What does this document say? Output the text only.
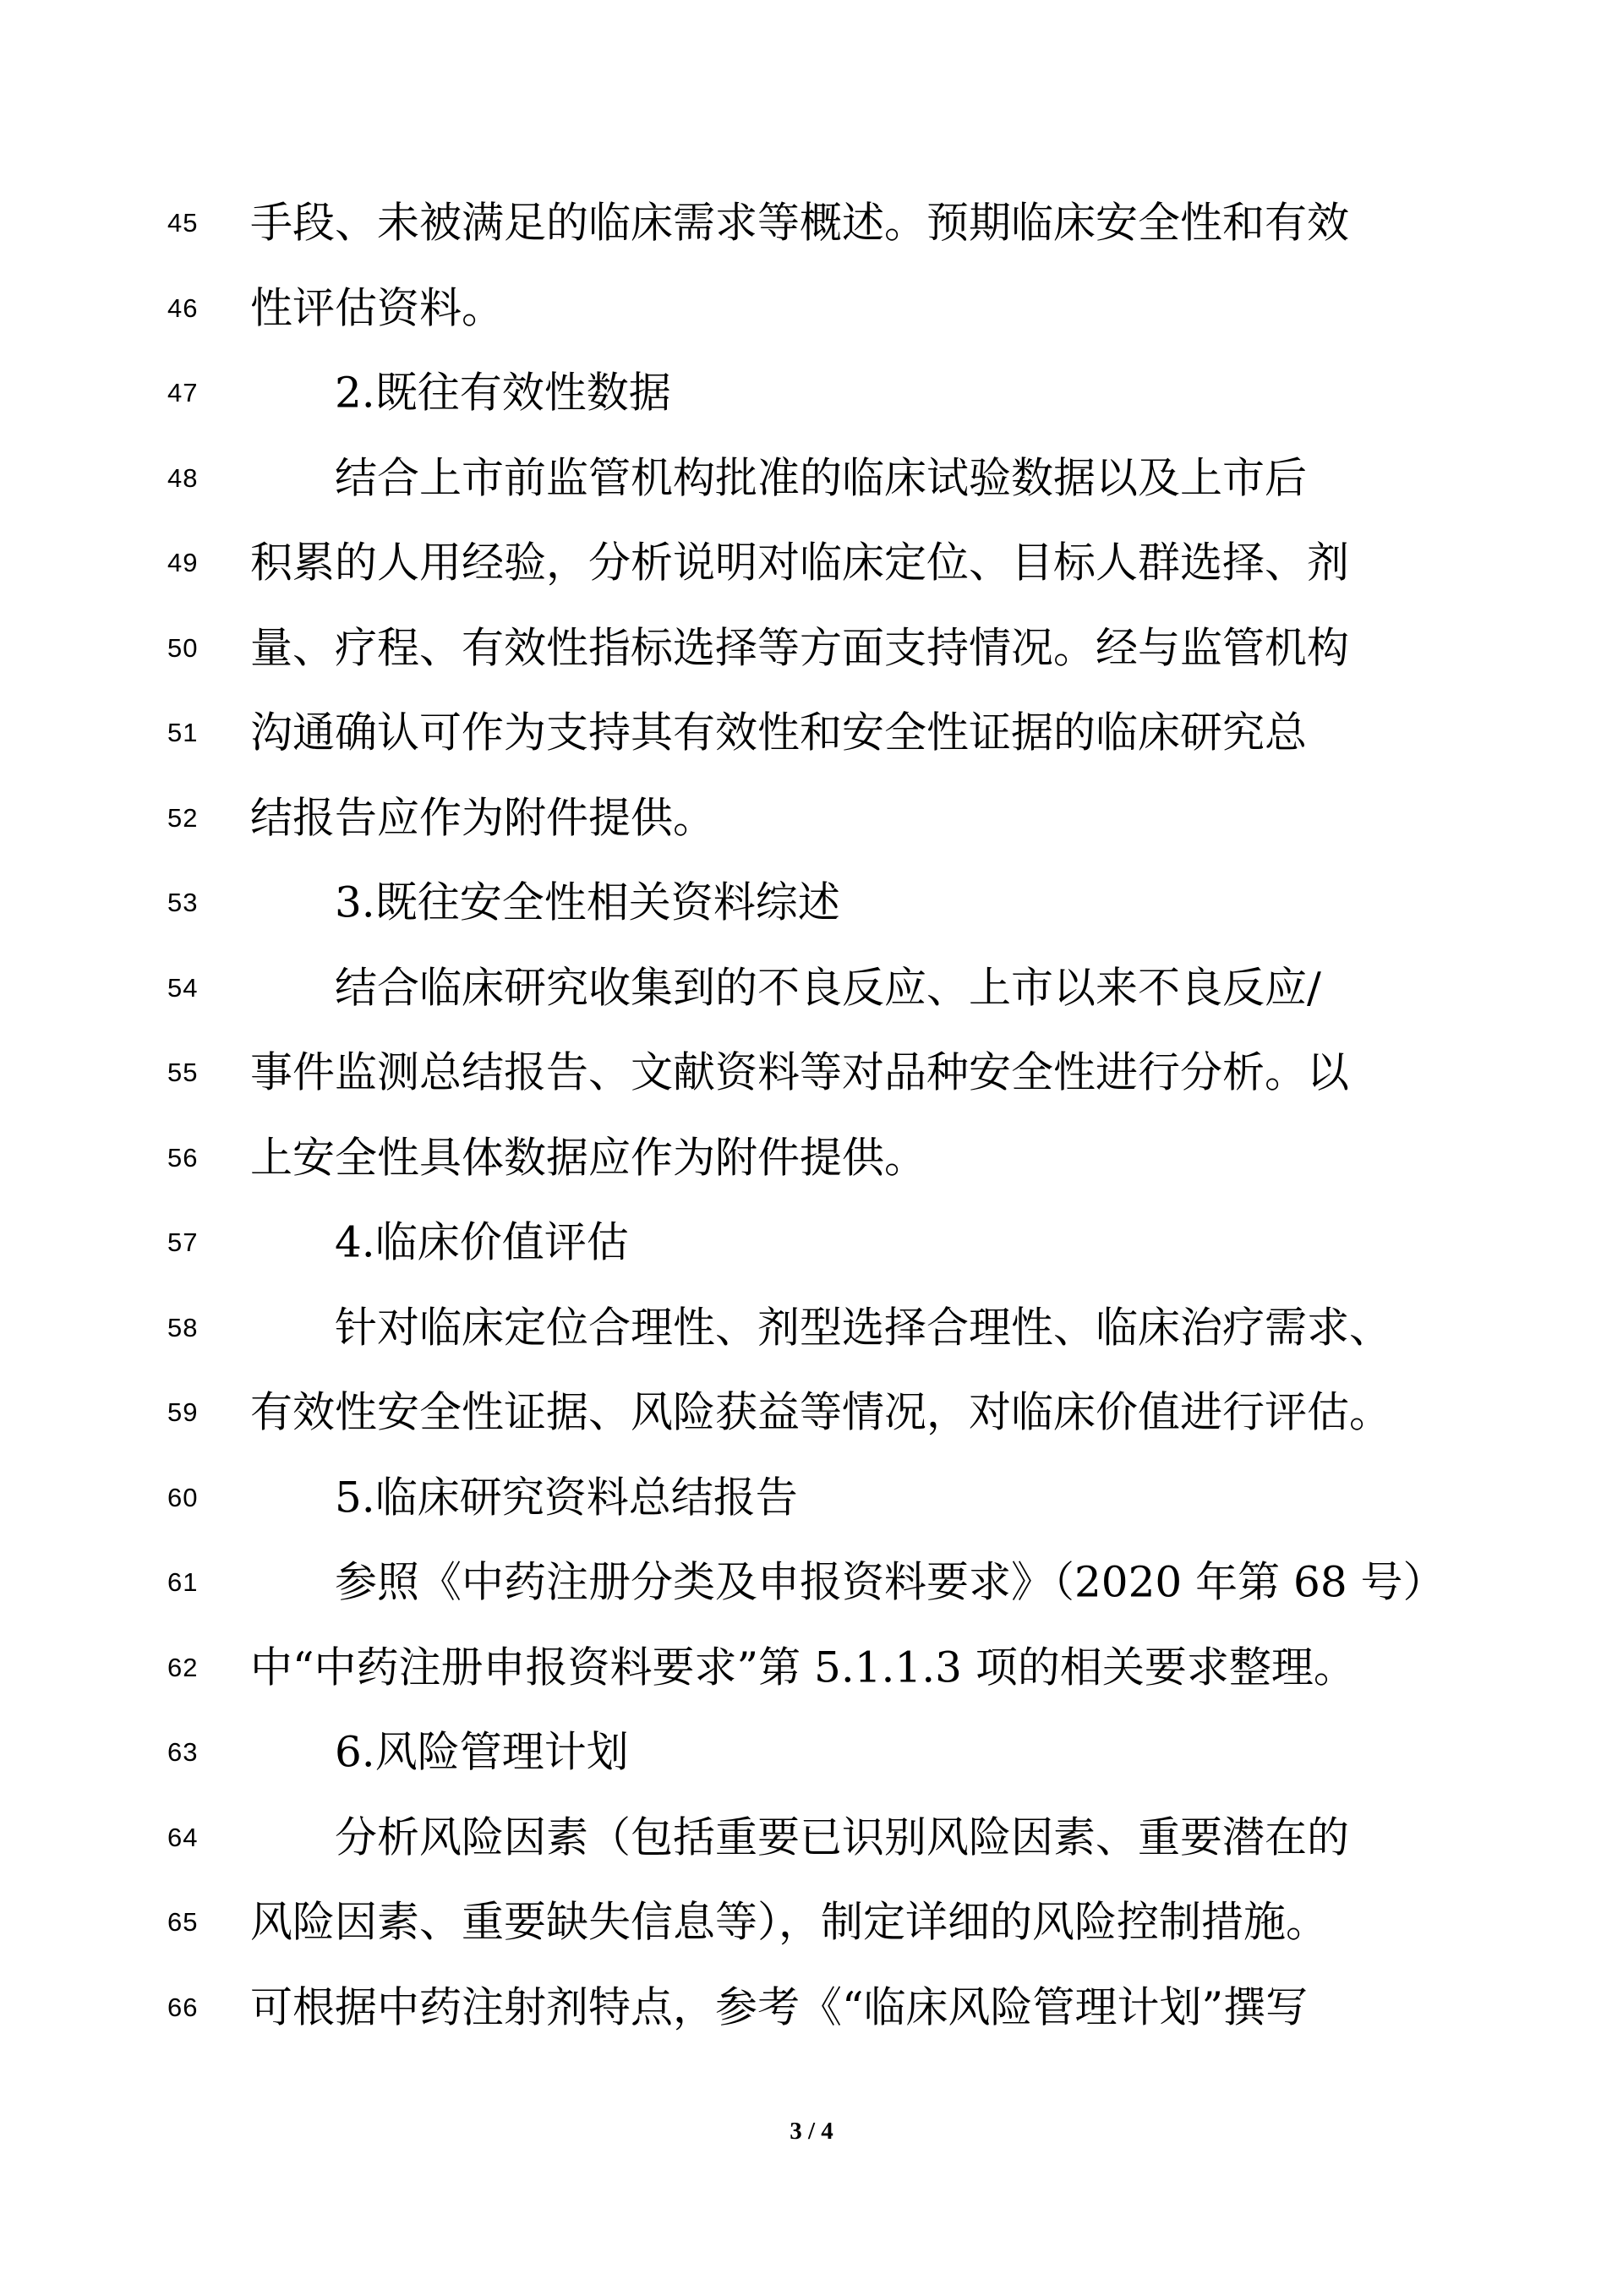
45 手段、未被满足的临床需求等概述。预期临床安全性和有效
46 性评估资料。
47	2.既往有效性数据
48	结合上市前监管机构批准的临床试验数据以及上市后
49 积累的人用经验，分析说明对临床定位、目标人群选择、剂
50 量、疗程、有效性指标选择等方面支持情况。经与监管机构
51 沟通确认可作为支持其有效性和安全性证据的临床研究总
52 结报告应作为附件提供。
53	3.既往安全性相关资料综述
54	结合临床研究收集到的不良反应、上市以来不良反应/
55 事件监测总结报告、文献资料等对品种安全性进行分析。以
56 上安全性具体数据应作为附件提供。
57	4.临床价值评估
58	针对临床定位合理性、剂型选择合理性、临床治疗需求、
59 有效性安全性证据、风险获益等情况，对临床价值进行评估。
60	5.临床研究资料总结报告
61	参照《中药注册分类及申报资料要求》（2020 年第 68 号）
62 中“中药注册申报资料要求”第 5.1.1.3 项的相关要求整理。
63	6.风险管理计划
64	分析风险因素（包括重要已识别风险因素、重要潜在的
65 风险因素、重要缺失信息等），制定详细的风险控制措施。
66 可根据中药注射剂特点，参考《“临床风险管理计划”撰写
3 / 4
